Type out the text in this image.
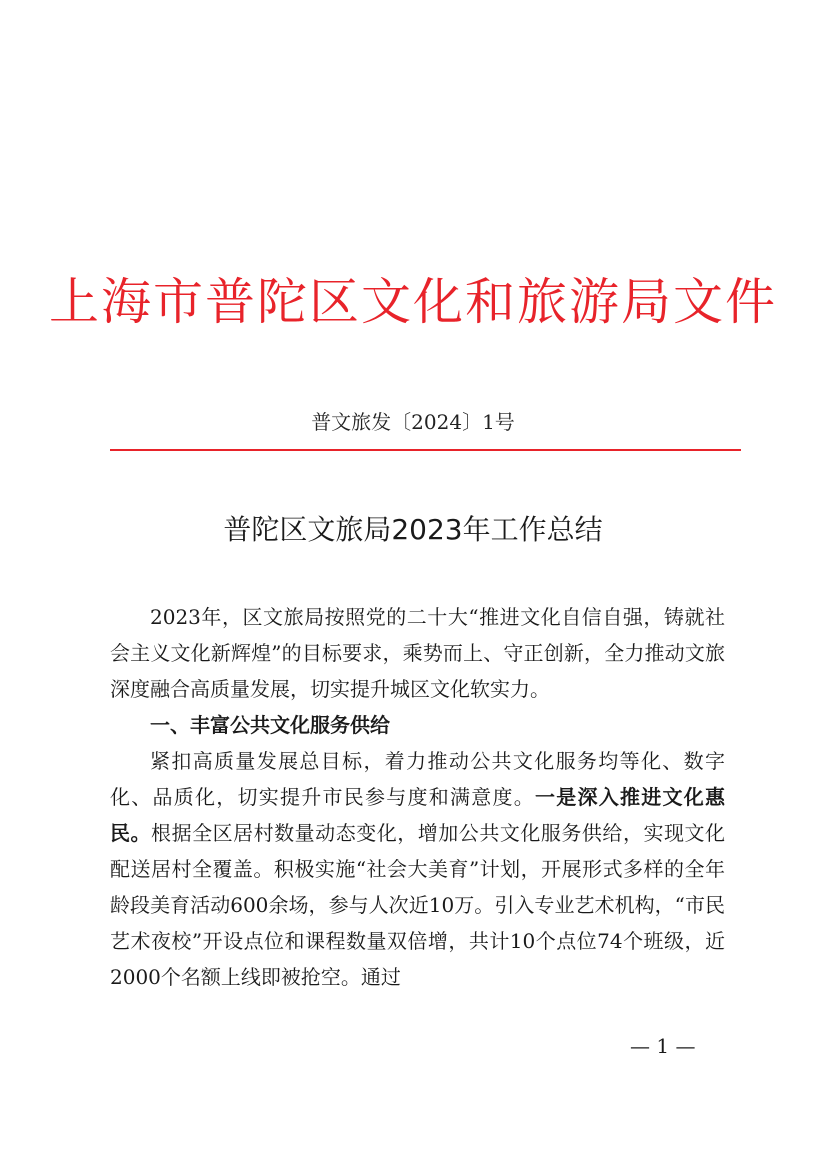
上海市普陀区文化和旅游局文件
普文旅发〔2024〕1号
普陀区文旅局2023年工作总结

2023年，区文旅局按照党的二十大“推进文化自信自强，铸就社会主义文化新辉煌”的目标要求，乘势而上、守正创新，全力推动文旅深度融合高质量发展，切实提升城区文化软实力。

一、丰富公共文化服务供给

紧扣高质量发展总目标，着力推动公共文化服务均等化、数字化、品质化，切实提升市民参与度和满意度。一是深入推进文化惠民。根据全区居村数量动态变化，增加公共文化服务供给，实现文化配送居村全覆盖。积极实施“社会大美育”计划，开展形式多样的全年龄段美育活动600余场，参与人次近10万。引入专业艺术机构，“市民艺术夜校”开设点位和课程数量双倍增，共计10个点位74个班级，近2000个名额上线即被抢空。通过

— 1 —
